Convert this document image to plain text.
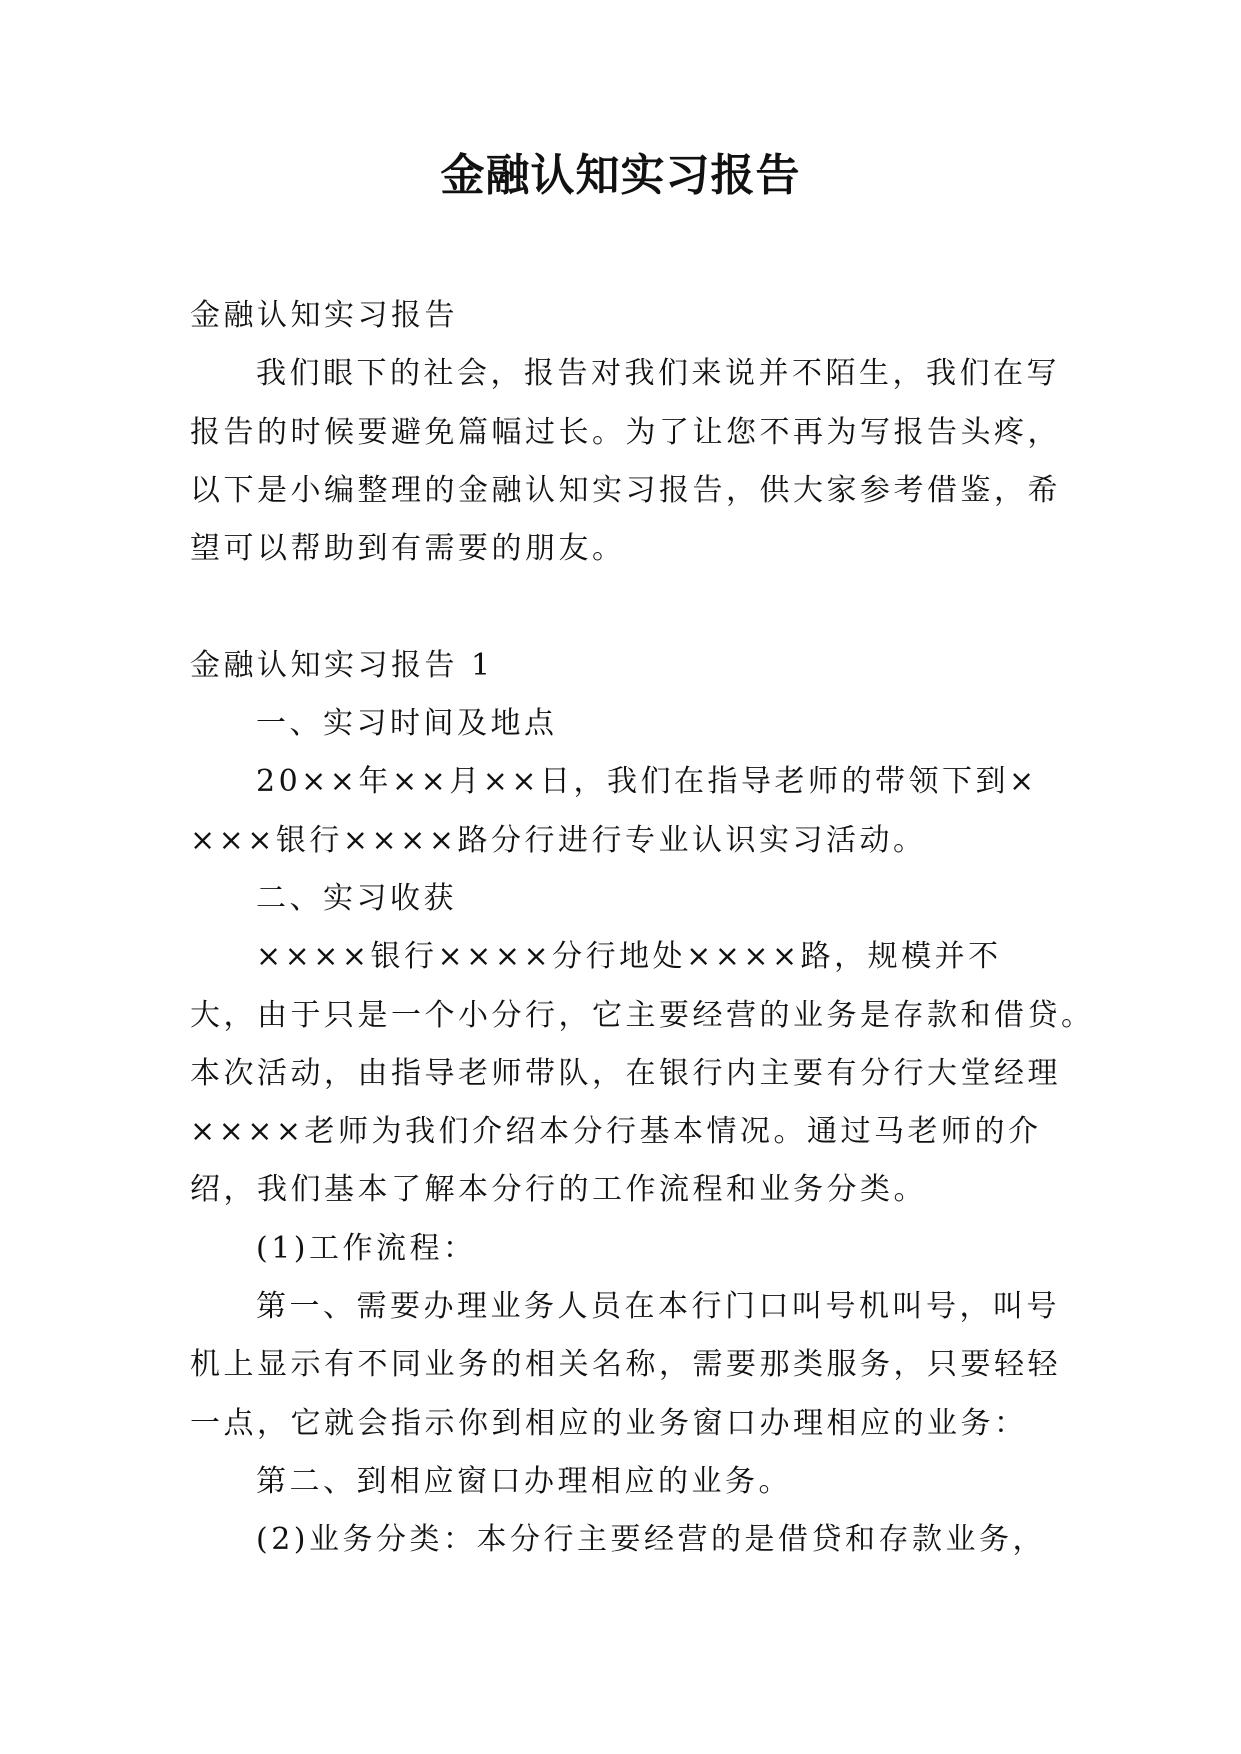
金融认知实习报告
金融认知实习报告
我们眼下的社会，报告对我们来说并不陌生，我们在写
报告的时候要避免篇幅过长。为了让您不再为写报告头疼，
以下是小编整理的金融认知实习报告，供大家参考借鉴，希
望可以帮助到有需要的朋友。
金融认知实习报告 1
一、实习时间及地点
20××年××月××日，我们在指导老师的带领下到×
×××银行××××路分行进行专业认识实习活动。
二、实习收获
××××银行××××分行地处××××路，规模并不
大，由于只是一个小分行，它主要经营的业务是存款和借贷。
本次活动，由指导老师带队，在银行内主要有分行大堂经理
××××老师为我们介绍本分行基本情况。通过马老师的介
绍，我们基本了解本分行的工作流程和业务分类。
(1)工作流程：
第一、需要办理业务人员在本行门口叫号机叫号，叫号
机上显示有不同业务的相关名称，需要那类服务，只要轻轻
一点，它就会指示你到相应的业务窗口办理相应的业务：
第二、到相应窗口办理相应的业务。
(2)业务分类：本分行主要经营的是借贷和存款业务，
